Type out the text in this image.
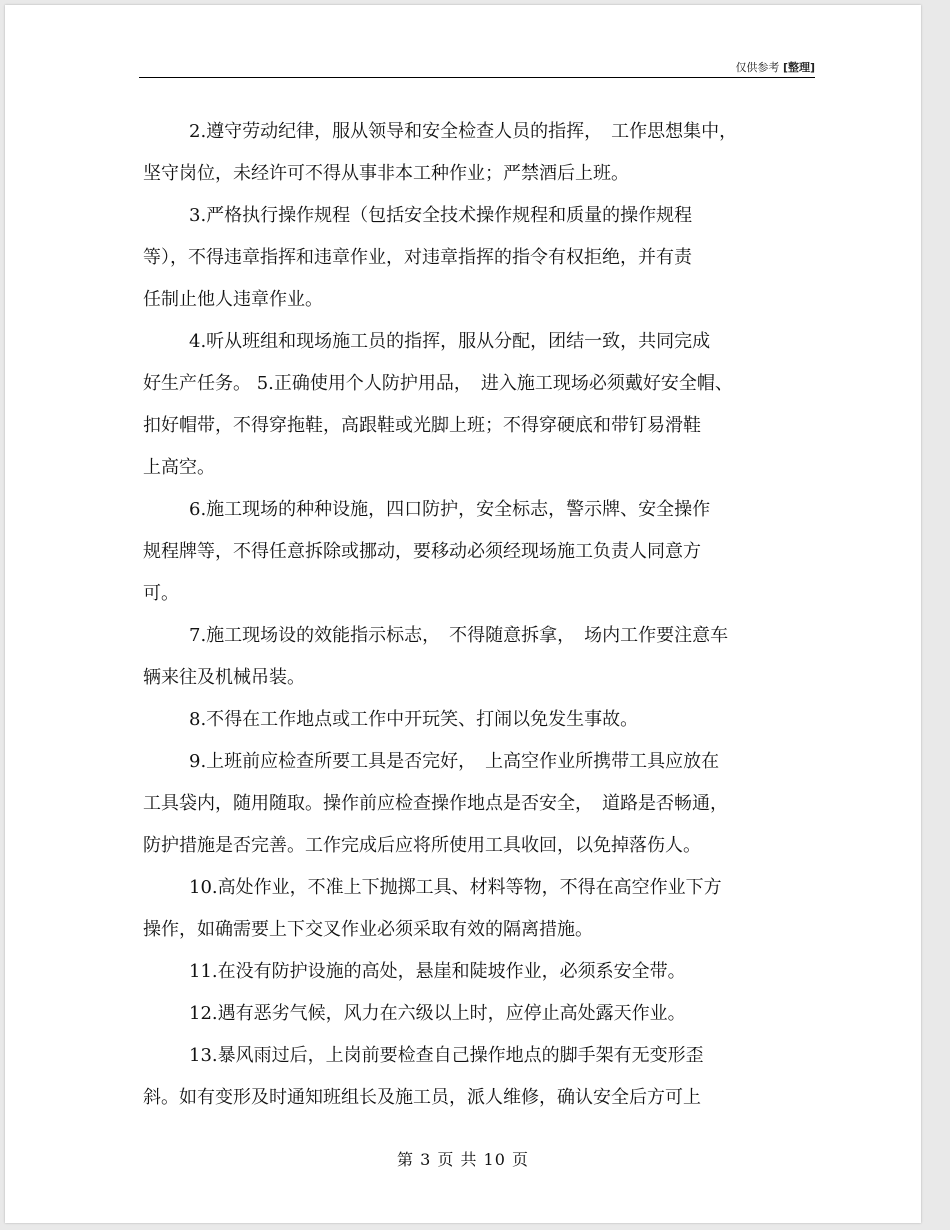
仅供参考 [整理]
2.遵守劳动纪律，服从领导和安全检查人员的指挥，　工作思想集中，
坚守岗位，未经许可不得从事非本工种作业；严禁酒后上班。
3.严格执行操作规程（包括安全技术操作规程和质量的操作规程
等），不得违章指挥和违章作业，对违章指挥的指令有权拒绝，并有责
任制止他人违章作业。
4.听从班组和现场施工员的指挥，服从分配，团结一致，共同完成
好生产任务。 5.正确使用个人防护用品，　进入施工现场必须戴好安全帽、
扣好帽带，不得穿拖鞋，高跟鞋或光脚上班；不得穿硬底和带钉易滑鞋
上高空。
6.施工现场的种种设施，四口防护，安全标志，警示牌、安全操作
规程牌等，不得任意拆除或挪动，要移动必须经现场施工负责人同意方
可。
7.施工现场设的效能指示标志，　不得随意拆拿，　场内工作要注意车
辆来往及机械吊装。
8.不得在工作地点或工作中开玩笑、打闹以免发生事故。
9.上班前应检查所要工具是否完好，　上高空作业所携带工具应放在
工具袋内，随用随取。操作前应检查操作地点是否安全，　道路是否畅通，
防护措施是否完善。工作完成后应将所使用工具收回，以免掉落伤人。
10.高处作业，不准上下抛掷工具、材料等物，不得在高空作业下方
操作，如确需要上下交叉作业必须采取有效的隔离措施。
11.在没有防护设施的高处，悬崖和陡坡作业，必须系安全带。
12.遇有恶劣气候，风力在六级以上时，应停止高处露天作业。
13.暴风雨过后，上岗前要检查自己操作地点的脚手架有无变形歪
斜。如有变形及时通知班组长及施工员，派人维修，确认安全后方可上
第 3 页 共 10 页
